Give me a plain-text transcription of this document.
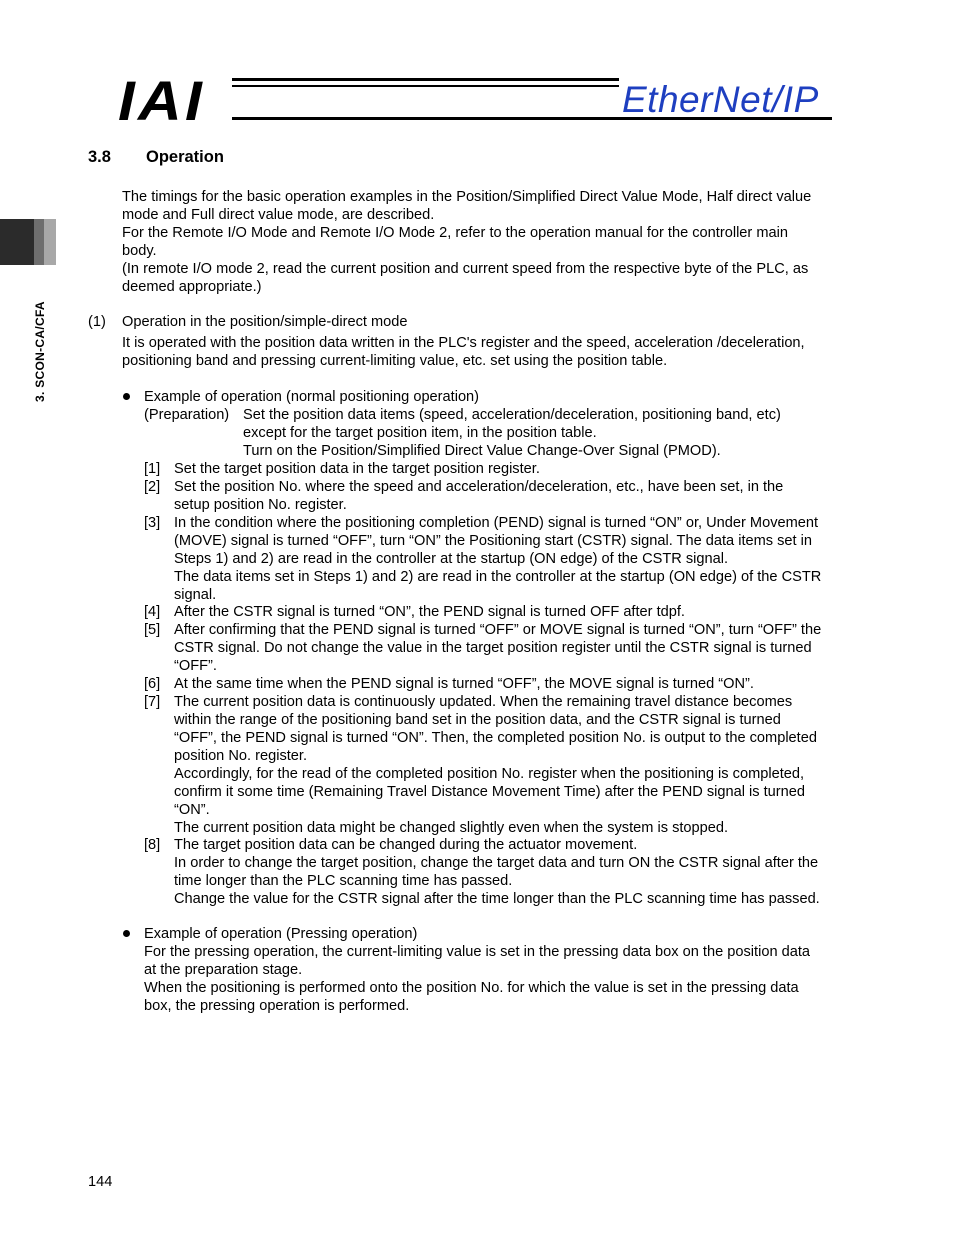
IAI	EtherNet/IP
3. SCON-CA/CFA
3.8 Operation
The timings for the basic operation examples in the Position/Simplified Direct Value Mode, Half direct value
mode and Full direct value mode, are described.
For the Remote I/O Mode and Remote I/O Mode 2, refer to the operation manual for the controller main
body.
(In remote I/O mode 2, read the current position and current speed from the respective byte of the PLC, as
deemed appropriate.)
(1) Operation in the position/simple-direct mode
It is operated with the position data written in the PLC's register and the speed, acceleration /deceleration,
positioning band and pressing current-limiting value, etc. set using the position table.
Example of operation (normal positioning operation)
(Preparation) Set the position data items (speed, acceleration/deceleration, positioning band, etc)
except for the target position item, in the position table.
Turn on the Position/Simplified Direct Value Change-Over Signal (PMOD).
[1] Set the target position data in the target position register.
[2] Set the position No. where the speed and acceleration/deceleration, etc., have been set, in the
setup position No. register.
[3] In the condition where the positioning completion (PEND) signal is turned “ON” or, Under Movement
(MOVE) signal is turned “OFF”, turn “ON” the Positioning start (CSTR) signal. The data items set in
Steps 1) and 2) are read in the controller at the startup (ON edge) of the CSTR signal.
The data items set in Steps 1) and 2) are read in the controller at the startup (ON edge) of the CSTR
signal.
[4] After the CSTR signal is turned “ON”, the PEND signal is turned OFF after tdpf.
[5] After confirming that the PEND signal is turned “OFF” or MOVE signal is turned “ON”, turn “OFF” the
CSTR signal. Do not change the value in the target position register until the CSTR signal is turned
“OFF”.
[6] At the same time when the PEND signal is turned “OFF”, the MOVE signal is turned “ON”.
[7] The current position data is continuously updated. When the remaining travel distance becomes
within the range of the positioning band set in the position data, and the CSTR signal is turned
“OFF”, the PEND signal is turned “ON”. Then, the completed position No. is output to the completed
position No. register.
Accordingly, for the read of the completed position No. register when the positioning is completed,
confirm it some time (Remaining Travel Distance Movement Time) after the PEND signal is turned
“ON”.
The current position data might be changed slightly even when the system is stopped.
[8] The target position data can be changed during the actuator movement.
In order to change the target position, change the target data and turn ON the CSTR signal after the
time longer than the PLC scanning time has passed.
Change the value for the CSTR signal after the time longer than the PLC scanning time has passed.
Example of operation (Pressing operation)
For the pressing operation, the current-limiting value is set in the pressing data box on the position data
at the preparation stage.
When the positioning is performed onto the position No. for which the value is set in the pressing data
box, the pressing operation is performed.
144
